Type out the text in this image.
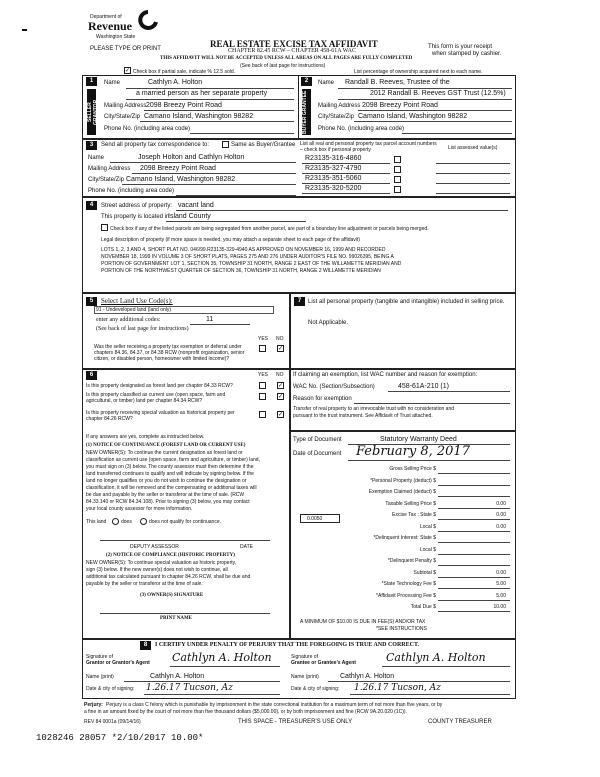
Department of
Revenue
Washington State
PLEASE TYPE OR PRINT	REAL ESTATE EXCISE TAX AFFIDAVIT
CHAPTER 82.45 RCW – CHAPTER 458-61A WAC
THIS AFFIDAVIT WILL NOT BE ACCEPTED UNLESS ALL AREAS ON ALL PAGES ARE FULLY COMPLETED
(See back of last page for instructions)
This form is your receipt
when stamped by cashier.
✓ Check box if partial sale, indicate % 12.5 sold.	List percentage of ownership acquired next to each name.
1
SELLER GRANTOR
Name	Cathlyn A. Holton
a married person as her separate property
Mailing Address 2098 Breezy Point Road
City/State/Zip Camano Island, Washington 98282
Phone No. (including area code)
2
BUYER GRANTEE
Name Randall B. Reeves, Trustee of the
2012 Randall B. Reeves GST Trust (12.5%)
Mailing Address 2098 Breezy Point Road
City/State/Zip Camano Island, Washington 98282
Phone No. (including area code)
3	Send all property tax correspondence to:	Same as Buyer/Grantee
Name	Joseph Holton and Cathlyn Holton
Mailing Address 2098 Breezy Point Road
City/State/Zip Camano Island, Washington 98282
Phone No. (including area code)
List all real and personal property tax parcel account numbers – check box if personal property	List assessed value(s)
R23135-316-4860
R23135-327-4790
R23135-351-5060
R23135-320-5200
4	Street address of property: vacant land
This property is located in
Island County
Check box if any of the listed parcels are being segregated from another parcel, are part of a boundary line adjustment or parcels being merged.
Legal description of property (if more space is needed, you may attach a separate sheet to each page of the affidavit)
LOTS 1, 2, 3 AND 4, SHORT PLAT NO. 046/99.R23135-329-4940 AS APPROVED ON NOVEMBER 16, 1999 AND RECORDED
NOVEMBER 18, 1999 IN VOLUME 3 OF SHORT PLATS, PAGES 275 AND 276 UNDER AUDITOR'S FILE NO. 99026395, BEING A
PORTION OF GOVERNMENT LOT 1, SECTION 35, TOWNSHIP 31 NORTH, RANGE 2 EAST OF THE WILLAMETTE MERIDIAN AND
PORTION OF THE NORTHWEST QUARTER OF SECTION 36, TOWNSHIP 31 NORTH, RANGE 2 WILLAMETTE MERIDIAN
5	Select Land Use Code(s):
91 - Undeveloped land (land only)
enter any additional codes:	11
(See back of last page for instructions)
YES NO
Was the seller receiving a property tax exemption or deferral under chapters 84.36, 84.37, or 84.38 RCW (nonprofit organization, senior citizen, or disabled person, homeowner with limited income)?
✓
6	YES NO
Is this property designated as forest land per chapter 84.33 RCW?	✓
Is this property classified as current use (open space, farm and agricultural, or timber) land per chapter 84.34 RCW?
✓
Is this property receiving special valuation as historical property per chapter 84.26 RCW?
✓
If any answers are yes, complete as instructed below.
(1) NOTICE OF CONTINUANCE (FOREST LAND OR CURRENT USE)
NEW OWNER(S): To continue the current designation as forest land or
classification as current use (open space, farm and agriculture, or timber) land,
you must sign on (3) below. The county assessor must then determine if the
land transferred continues to qualify and will indicate by signing below. If the
land no longer qualifies or you do not wish to continue the designation or
classification, it will be removed and the compensating or additional taxes will
be due and payable by the seller or transferor at the time of sale. (RCW
84.33.140 or RCW 84.34.108). Prior to signing (3) below, you may contact
your local county assessor for more information.
This land	does	does not qualify for continuance.
DEPUTY ASSESSOR	DATE
(2) NOTICE OF COMPLIANCE (HISTORIC PROPERTY)
NEW OWNER(S): To continue special valuation as historic property,
sign (3) below. If the new owner(s) does not wish to continue, all
additional tax calculated pursuant to chapter 84.26 RCW, shall be due and
payable by the seller or transferor at the time of sale.
(3) OWNER(S) SIGNATURE
PRINT NAME
7	List all personal property (tangible and intangible) included in selling price.
Not Applicable.
If claiming an exemption, list WAC number and reason for exemption:
WAC No. (Section/Subsection)	458-61A-210 (1)
Reason for exemption
Transfer of real property to an irrevocable trust with no consideration and
pursuant to the trust instrument. See Affidavit of Trust attached.
Type of Document	Statutory Warranty Deed
Date of Document February 8, 2017
Gross Selling Price $
*Personal Property (deduct) $
Exemption Claimed (deduct) $
Taxable Selling Price $	0.00
Excise Tax : State $	0.00
Local $	0.00
*Delinquent Interest: State $
Local $
*Delinquent Penalty $
Subtotal $	0.00
*State Technology Fee $	5.00
*Affidavit Processing Fee $	5.00
Total Due $	10.00
0.0050
A MINIMUM OF $10.00 IS DUE IN FEE(S) AND/OR TAX
*SEE INSTRUCTIONS
8	I CERTIFY UNDER PENALTY OF PERJURY THAT THE FOREGOING IS TRUE AND CORRECT.
Signature of
Grantor or Grantor's Agent Cathlyn A. Holton
Name (print)	Cathlyn A. Holton
Date & city of signing: 1.26.17 Tucson, Az
Signature of
Grantee or Grantee's Agent	Cathlyn A. Holton
Name (print)	Cathlyn A. Holton
Date & city of signing: 1.26.17 Tucson, Az
Perjury: Perjury is a class C felony which is punishable by imprisonment in the state correctional institution for a maximum term of not more than five years, or by
a fine in an amount fixed by the court of not more than five thousand dollars ($5,000.00), or by both imprisonment and fine (RCW 9A.20.020 (1C)).
REV 84 0001a (09/14/16)	THIS SPACE - TREASURER'S USE ONLY	COUNTY TREASURER
1028246 28057 *2/10/2017 10.00*
